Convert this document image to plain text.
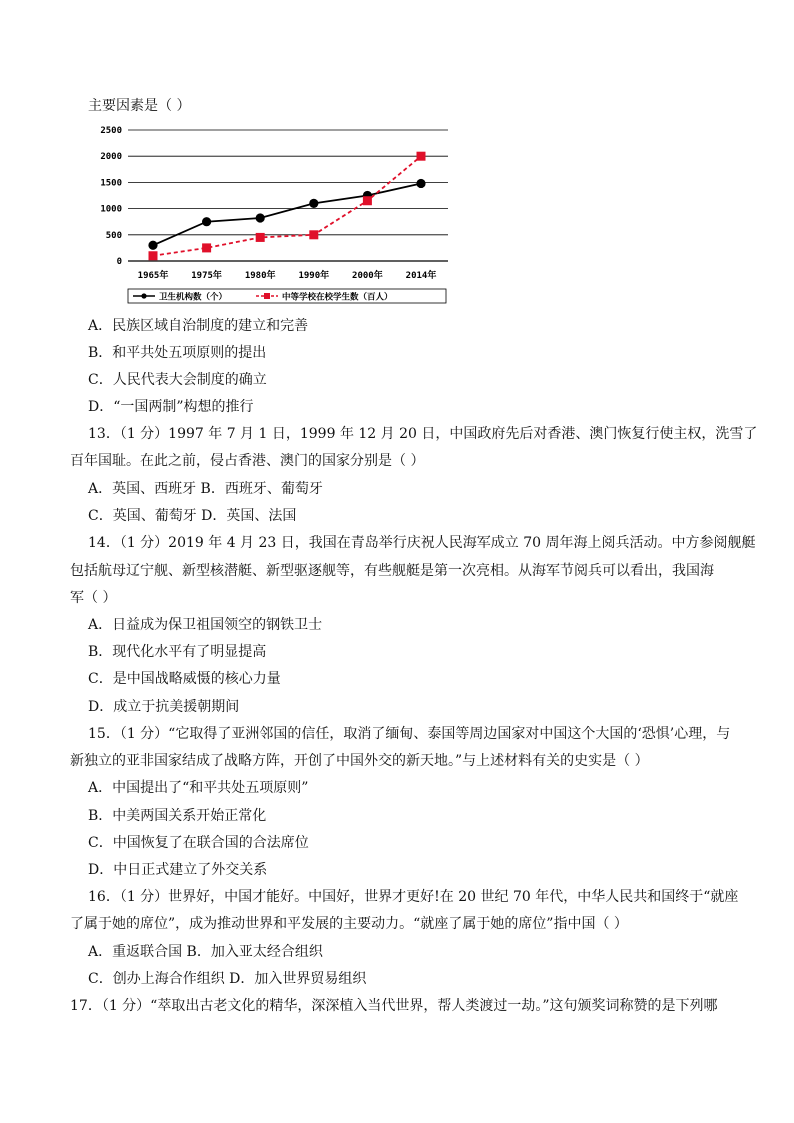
主要因素是（ ）
2500
2000
1500
1000
500
0
1965年	1975年	1980年	1990年	2000年	2014年
卫生机构数（个）	中等学校在校学生数（百人）
A．民族区域自治制度的建立和完善
B．和平共处五项原则的提出
C．人民代表大会制度的确立
D．“一国两制”构想的推行
13．（1 分）1997 年 7 月 1 日，1999 年 12 月 20 日，中国政府先后对香港、澳门恢复行使主权，洗雪了
百年国耻。在此之前，侵占香港、澳门的国家分别是（ ）
A．英国、西班牙 B．西班牙、葡萄牙
C．英国、葡萄牙 D．英国、法国
14．（1 分）2019 年 4 月 23 日，我国在青岛举行庆祝人民海军成立 70 周年海上阅兵活动。中方参阅舰艇
包括航母辽宁舰、新型核潜艇、新型驱逐舰等，有些舰艇是第一次亮相。从海军节阅兵可以看出，我国海
军（ ）
A．日益成为保卫祖国领空的钢铁卫士
B．现代化水平有了明显提高
C．是中国战略威慑的核心力量
D．成立于抗美援朝期间
15．（1 分）“它取得了亚洲邻国的信任，取消了缅甸、泰国等周边国家对中国这个大国的‘恐惧’心理，与
新独立的亚非国家结成了战略方阵，开创了中国外交的新天地。”与上述材料有关的史实是（ ）
A．中国提出了“和平共处五项原则”
B．中美两国关系开始正常化
C．中国恢复了在联合国的合法席位
D．中日正式建立了外交关系
16．（1 分）世界好，中国才能好。中国好，世界才更好!在 20 世纪 70 年代，中华人民共和国终于“就座
了属于她的席位”，成为推动世界和平发展的主要动力。“就座了属于她的席位”指中国（ ）
A．重返联合国 B．加入亚太经合组织
C．创办上海合作组织 D．加入世界贸易组织
17．（1 分）“萃取出古老文化的精华，深深植入当代世界，帮人类渡过一劫。”这句颁奖词称赞的是下列哪
